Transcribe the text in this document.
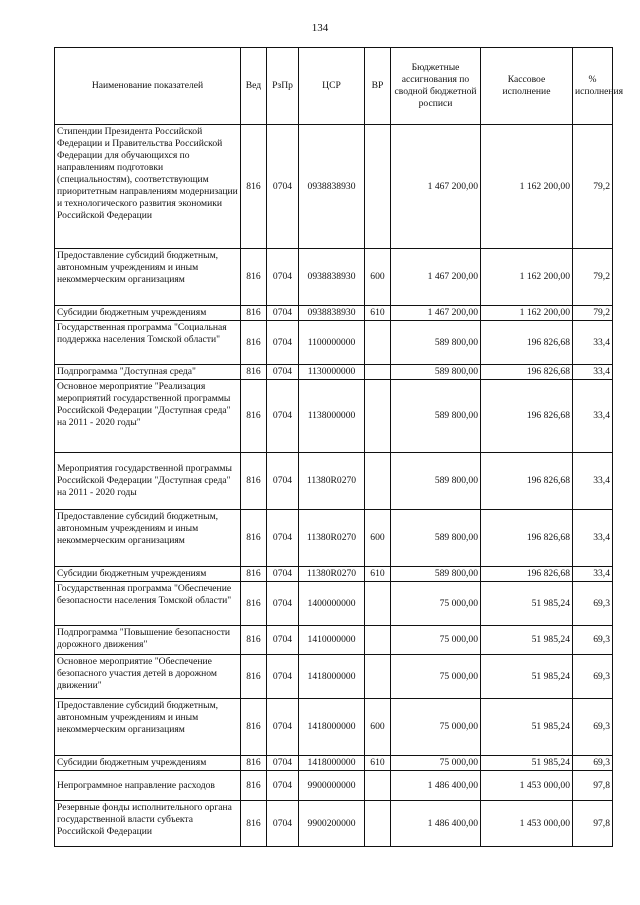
134
Наименование показателей	Вед	РзПр	ЦСР	ВР	Бюджетные ассигнования по сводной бюджетной росписи	Кассовое исполнение	% исполнения
Стипендии Президента Российской Федерации и Правительства Российской Федерации для обучающихся по направлениям подготовки (специальностям), соответствующим приоритетным направлениям модернизации и технологического развития экономики Российской Федерации	816	0704	0938838930		1 467 200,00	1 162 200,00	79,2
Предоставление субсидий бюджетным, автономным учреждениям и иным некоммерческим организациям	816	0704	0938838930	600	1 467 200,00	1 162 200,00	79,2
Субсидии бюджетным учреждениям	816	0704	0938838930	610	1 467 200,00	1 162 200,00	79,2
Государственная программа "Социальная поддержка населения Томской области"	816	0704	1100000000		589 800,00	196 826,68	33,4
Подпрограмма "Доступная среда"	816	0704	1130000000		589 800,00	196 826,68	33,4
Основное мероприятие "Реализация мероприятий государственной программы Российской Федерации "Доступная среда" на 2011 - 2020 годы"	816	0704	1138000000		589 800,00	196 826,68	33,4
Мероприятия государственной программы Российской Федерации "Доступная среда" на 2011 - 2020 годы	816	0704	11380R0270		589 800,00	196 826,68	33,4
Предоставление субсидий бюджетным, автономным учреждениям и иным некоммерческим организациям	816	0704	11380R0270	600	589 800,00	196 826,68	33,4
Субсидии бюджетным учреждениям	816	0704	11380R0270	610	589 800,00	196 826,68	33,4
Государственная программа "Обеспечение безопасности населения Томской области"	816	0704	1400000000		75 000,00	51 985,24	69,3
Подпрограмма "Повышение безопасности дорожного движения"	816	0704	1410000000		75 000,00	51 985,24	69,3
Основное мероприятие "Обеспечение безопасного участия детей в дорожном движении"	816	0704	1418000000		75 000,00	51 985,24	69,3
Предоставление субсидий бюджетным, автономным учреждениям и иным некоммерческим организациям	816	0704	1418000000	600	75 000,00	51 985,24	69,3
Субсидии бюджетным учреждениям	816	0704	1418000000	610	75 000,00	51 985,24	69,3
Непрограммное направление расходов	816	0704	9900000000		1 486 400,00	1 453 000,00	97,8
Резервные фонды исполнительного органа государственной власти субъекта Российской Федерации	816	0704	9900200000		1 486 400,00	1 453 000,00	97,8
